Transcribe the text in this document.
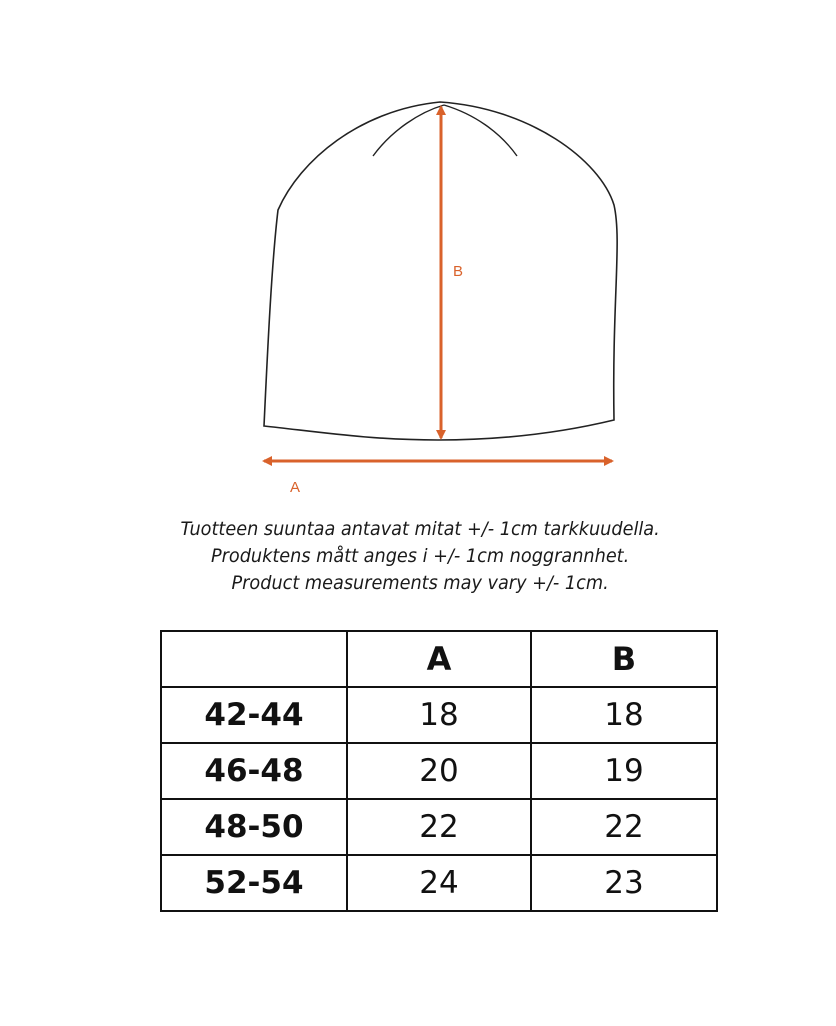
B
A
Tuotteen suuntaa antavat mitat +/- 1cm tarkkuudella.
Produktens mått anges i +/- 1cm noggrannhet.
Product measurements may vary +/- 1cm.
	A	B
42-44	18	18
46-48	20	19
48-50	22	22
52-54	24	23
